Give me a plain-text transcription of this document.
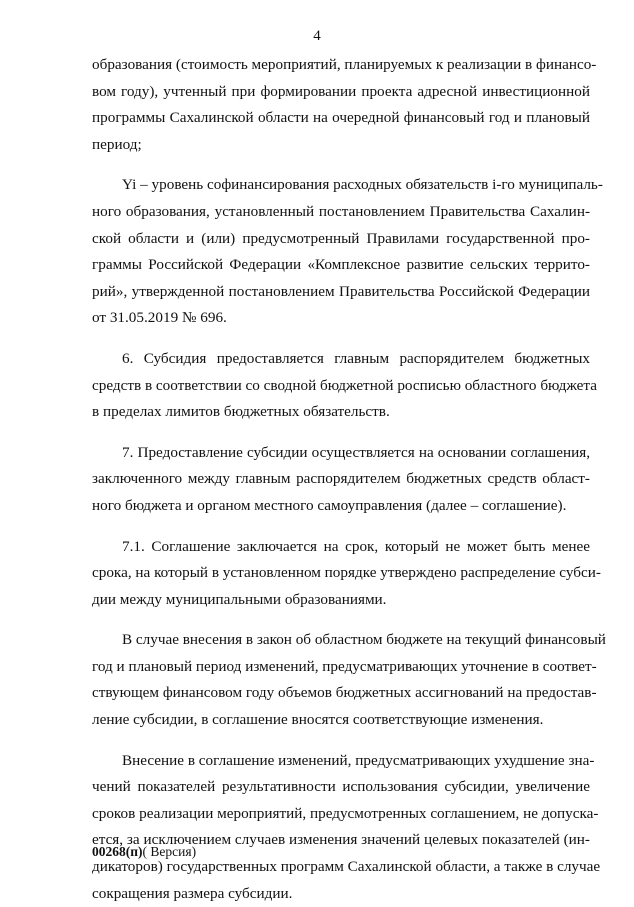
4
образования (стоимость мероприятий, планируемых к реализации в финансо-
вом году), учтенный при формировании проекта адресной инвестиционной
программы Сахалинской области на очередной финансовый год и плановый
период;
Yi – уровень софинансирования расходных обязательств i-го муниципаль-
ного образования, установленный постановлением Правительства Сахалин-
ской области и (или) предусмотренный Правилами государственной про-
граммы Российской Федерации «Комплексное развитие сельских террито-
рий», утвержденной постановлением Правительства Российской Федерации
от 31.05.2019 № 696.
6. Субсидия предоставляется главным распорядителем бюджетных
средств в соответствии со сводной бюджетной росписью областного бюджета
в пределах лимитов бюджетных обязательств.
7. Предоставление субсидии осуществляется на основании соглашения,
заключенного между главным распорядителем бюджетных средств област-
ного бюджета и органом местного самоуправления (далее – соглашение).
7.1. Соглашение заключается на срок, который не может быть менее
срока, на который в установленном порядке утверждено распределение субси-
дии между муниципальными образованиями.
В случае внесения в закон об областном бюджете на текущий финансовый
год и плановый период изменений, предусматривающих уточнение в соответ-
ствующем финансовом году объемов бюджетных ассигнований на предостав-
ление субсидии, в соглашение вносятся соответствующие изменения.
Внесение в соглашение изменений, предусматривающих ухудшение зна-
чений показателей результативности использования субсидии, увеличение
сроков реализации мероприятий, предусмотренных соглашением, не допуска-
ется, за исключением случаев изменения значений целевых показателей (ин-
дикаторов) государственных программ Сахалинской области, а также в случае
сокращения размера субсидии.
00268(п)( Версия)
